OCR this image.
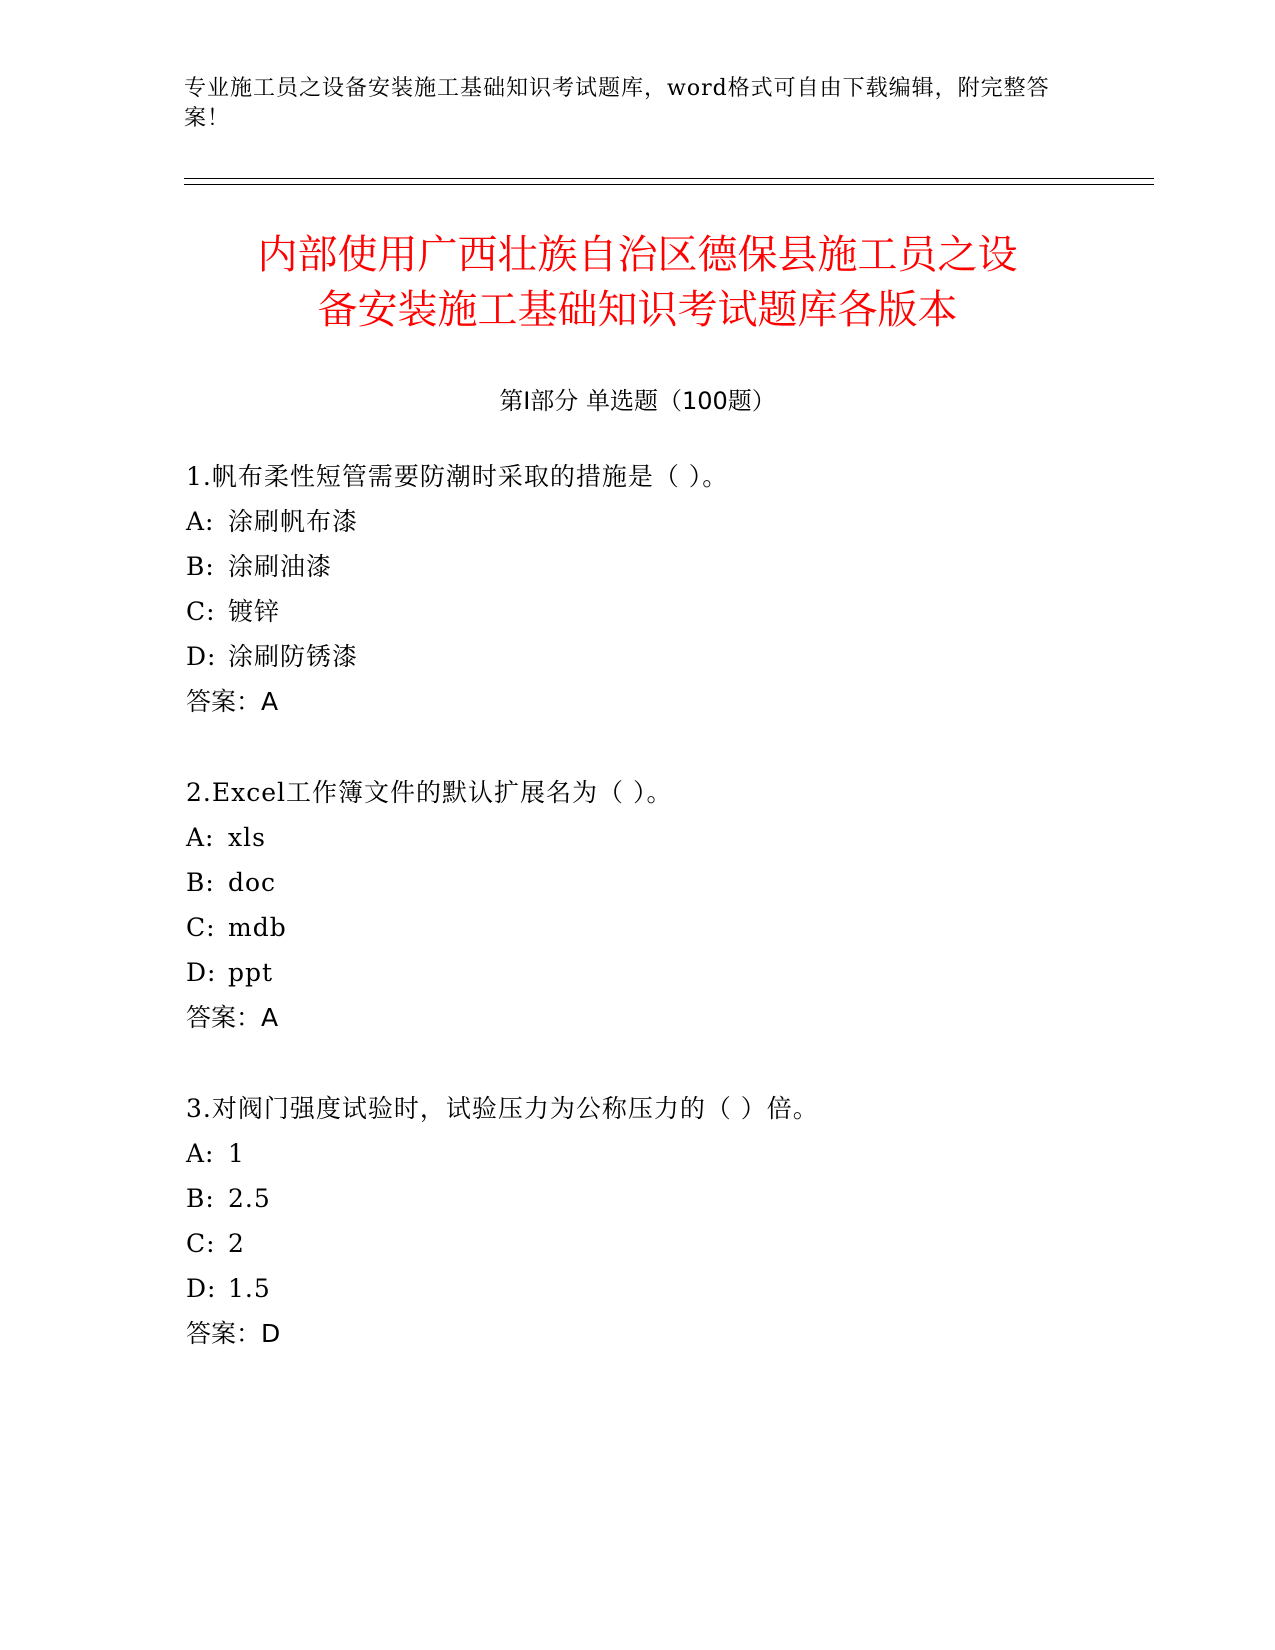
专业施工员之设备安装施工基础知识考试题库，word格式可自由下载编辑，附完整答案！
内部使用广西壮族自治区德保县施工员之设
备安装施工基础知识考试题库各版本
第Ⅰ部分 单选题（100题）
1.帆布柔性短管需要防潮时采取的措施是（ ）。
A: 涂刷帆布漆
B: 涂刷油漆
C: 镀锌
D: 涂刷防锈漆
答案：A
2.Excel工作簿文件的默认扩展名为（ ）。
A: xls
B: doc
C: mdb
D: ppt
答案：A
3.对阀门强度试验时，试验压力为公称压力的（ ）倍。
A: 1
B: 2.5
C: 2
D: 1.5
答案：D
